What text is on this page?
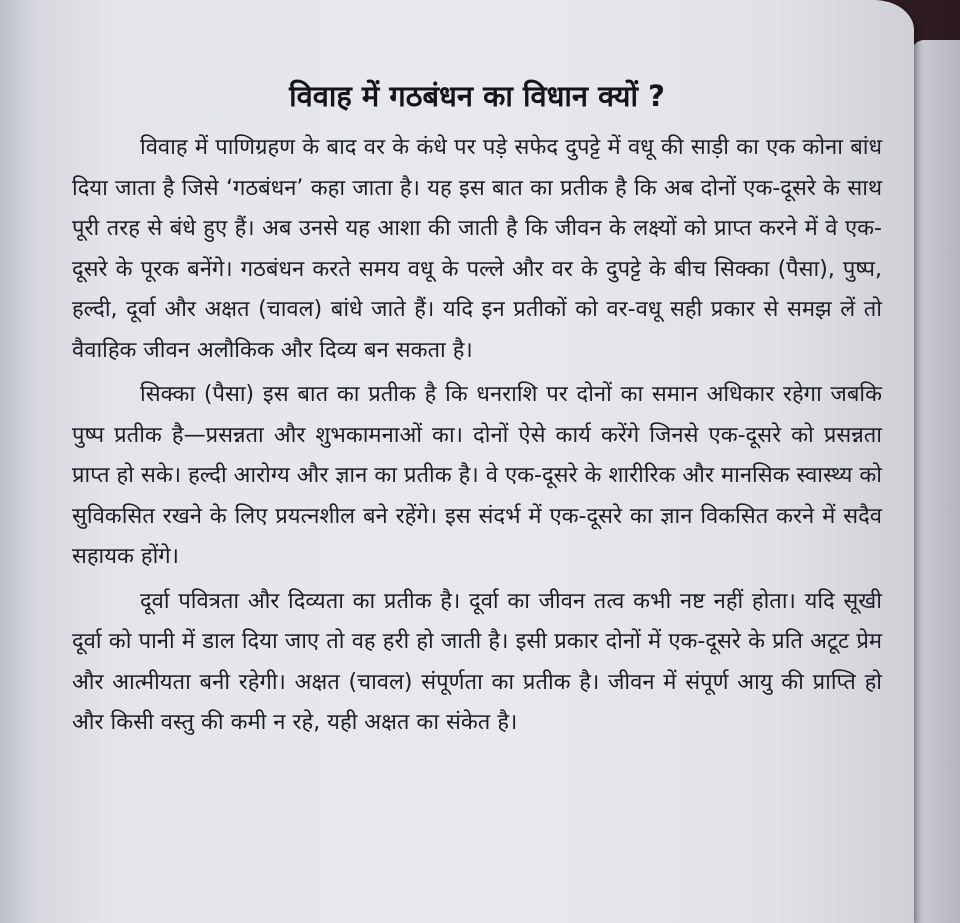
विवाह में गठबंधन का विधान क्यों ?

विवाह में पाणिग्रहण के बाद वर के कंधे पर पड़े सफेद दुपट्टे में वधू की साड़ी का एक कोना बांध दिया जाता है जिसे ‘गठबंधन’ कहा जाता है। यह इस बात का प्रतीक है कि अब दोनों एक-दूसरे के साथ पूरी तरह से बंधे हुए हैं। अब उनसे यह आशा की जाती है कि जीवन के लक्ष्यों को प्राप्त करने में वे एक-दूसरे के पूरक बनेंगे। गठबंधन करते समय वधू के पल्ले और वर के दुपट्टे के बीच सिक्का (पैसा), पुष्प, हल्दी, दूर्वा और अक्षत (चावल) बांधे जाते हैं। यदि इन प्रतीकों को वर-वधू सही प्रकार से समझ लें तो वैवाहिक जीवन अलौकिक और दिव्य बन सकता है।

सिक्का (पैसा) इस बात का प्रतीक है कि धनराशि पर दोनों का समान अधिकार रहेगा जबकि पुष्प प्रतीक है—प्रसन्नता और शुभकामनाओं का। दोनों ऐसे कार्य करेंगे जिनसे एक-दूसरे को प्रसन्नता प्राप्त हो सके। हल्दी आरोग्य और ज्ञान का प्रतीक है। वे एक-दूसरे के शारीरिक और मानसिक स्वास्थ्य को सुविकसित रखने के लिए प्रयत्नशील बने रहेंगे। इस संदर्भ में एक-दूसरे का ज्ञान विकसित करने में सदैव सहायक होंगे।

दूर्वा पवित्रता और दिव्यता का प्रतीक है। दूर्वा का जीवन तत्व कभी नष्ट नहीं होता। यदि सूखी दूर्वा को पानी में डाल दिया जाए तो वह हरी हो जाती है। इसी प्रकार दोनों में एक-दूसरे के प्रति अटूट प्रेम और आत्मीयता बनी रहेगी। अक्षत (चावल) संपूर्णता का प्रतीक है। जीवन में संपूर्ण आयु की प्राप्ति हो और किसी वस्तु की कमी न रहे, यही अक्षत का संकेत है।
